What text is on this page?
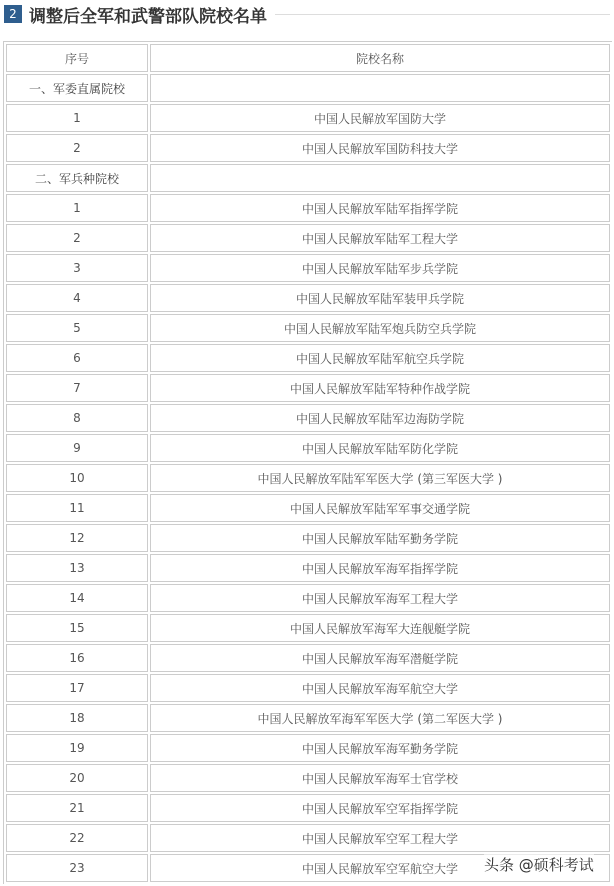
2 调整后全军和武警部队院校名单
序号	院校名称
一、军委直属院校	
1	中国人民解放军国防大学
2	中国人民解放军国防科技大学
二、军兵种院校	
1	中国人民解放军陆军指挥学院
2	中国人民解放军陆军工程大学
3	中国人民解放军陆军步兵学院
4	中国人民解放军陆军装甲兵学院
5	中国人民解放军陆军炮兵防空兵学院
6	中国人民解放军陆军航空兵学院
7	中国人民解放军陆军特种作战学院
8	中国人民解放军陆军边海防学院
9	中国人民解放军陆军防化学院
10	中国人民解放军陆军军医大学 (第三军医大学 )
11	中国人民解放军陆军军事交通学院
12	中国人民解放军陆军勤务学院
13	中国人民解放军海军指挥学院
14	中国人民解放军海军工程大学
15	中国人民解放军海军大连舰艇学院
16	中国人民解放军海军潜艇学院
17	中国人民解放军海军航空大学
18	中国人民解放军海军军医大学 (第二军医大学 )
19	中国人民解放军海军勤务学院
20	中国人民解放军海军士官学校
21	中国人民解放军空军指挥学院
22	中国人民解放军空军工程大学
23	中国人民解放军空军航空大学 头条 @硕科考试
